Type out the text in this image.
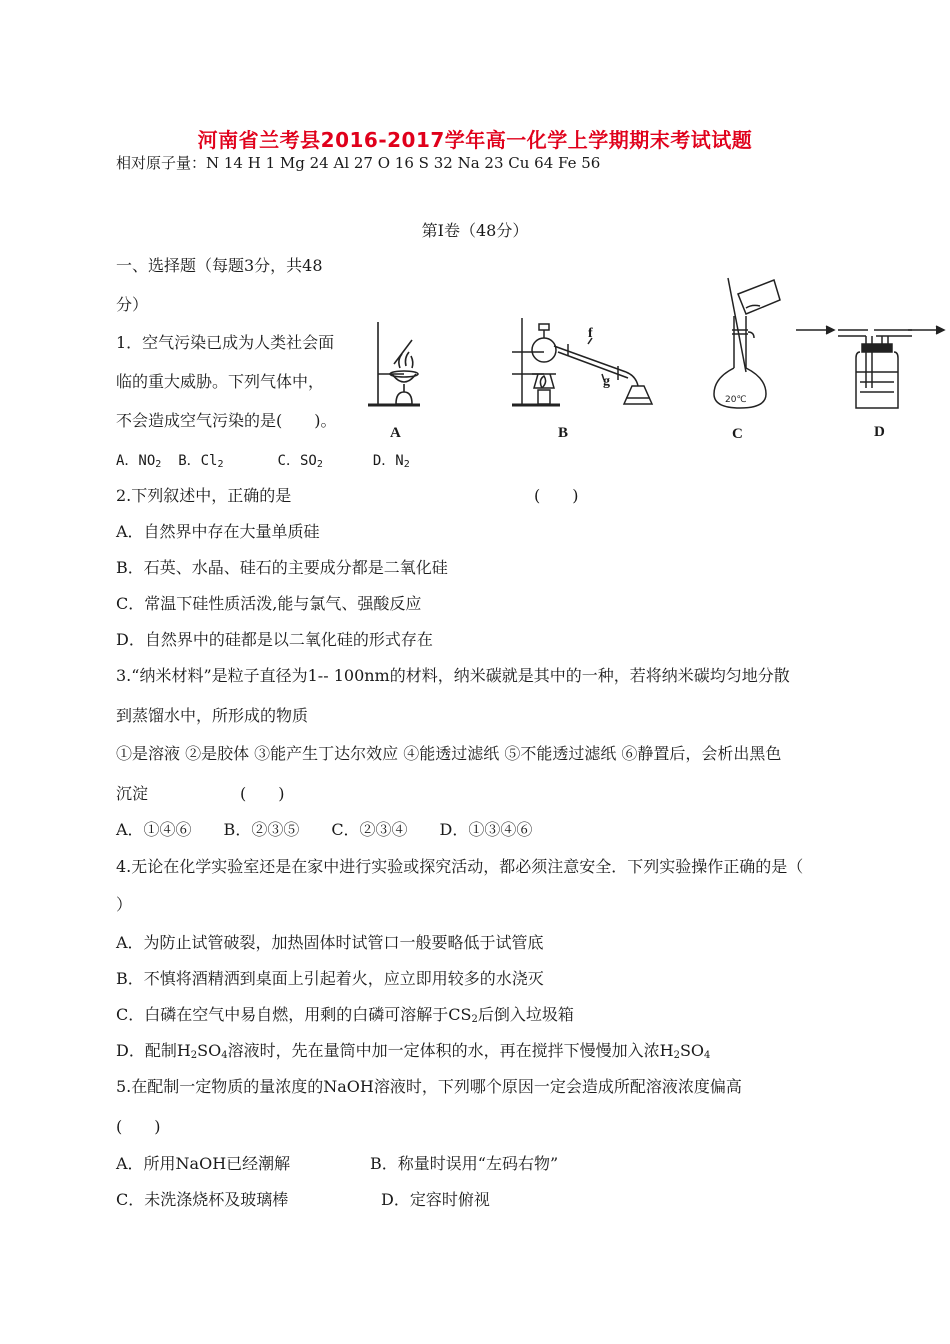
河南省兰考县2016-2017学年高一化学上学期期末考试试题
相对原子量：N 14 H 1 Mg 24 Al 27 O 16 S 32 Na 23 Cu 64 Fe 56
第Ⅰ卷（48分）
一、选择题（每题3分，共48
分）
1．空气污染已成为人类社会面
临的重大威胁。下列气体中，
不会造成空气污染的是(　　)。
A．$NO_2$ B．$Cl_2$	C．$SO_2$	D．$N_2$
A
f
g
B
20℃
C	D
2.下列叙述中，正确的是	(　　)
A．自然界中存在大量单质硅
B．石英、水晶、硅石的主要成分都是二氧化硅
C．常温下硅性质活泼,能与氯气、强酸反应
D．自然界中的硅都是以二氧化硅的形式存在
3.“纳米材料”是粒子直径为1-- 100nm的材料，纳米碳就是其中的一种，若将纳米碳均匀地分散
到蒸馏水中，所形成的物质
①是溶液 ②是胶体 ③能产生丁达尔效应 ④能透过滤纸 ⑤不能透过滤纸 ⑥静置后，会析出黑色
沉淀	(　　)
A．①④⑥　　B．②③⑤　　C．②③④　　D．①③④⑥
4.无论在化学实验室还是在家中进行实验或探究活动，都必须注意安全．下列实验操作正确的是（
）
A．为防止试管破裂，加热固体时试管口一般要略低于试管底
B．不慎将酒精洒到桌面上引起着火，应立即用较多的水浇灭
C．白磷在空气中易自燃，用剩的白磷可溶解于$CS_2$后倒入垃圾箱
D．配制$H_2SO_4$溶液时，先在量筒中加一定体积的水，再在搅拌下慢慢加入浓$H_2SO_4$
5.在配制一定物质的量浓度的NaOH溶液时，下列哪个原因一定会造成所配溶液浓度偏高
(　　)
A．所用NaOH已经潮解	B．称量时误用“左码右物”
C．未洗涤烧杯及玻璃棒	D．定容时俯视
